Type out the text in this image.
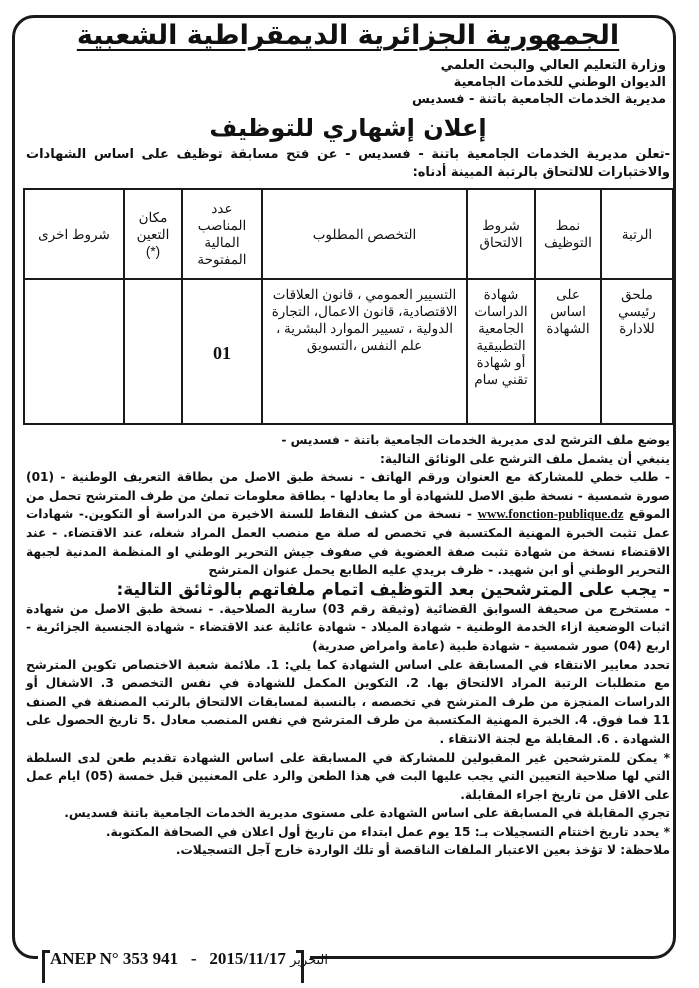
الجمهورية الجزائرية الديمقراطية الشعبية
وزارة التعليم العالي والبحث العلمي
الديوان الوطني للخدمات الجامعية
مديرية الخدمات الجامعية باتنة - فسديس
إعلان إشهاري للتوظيف

-تعلن مديرية الخدمات الجامعية باتنة - فسديس - عن فتح مسابقة توظيف على اساس الشهادات والاختبارات للالتحاق بالرتبة المبينة أدناه:

الرتبة	نمط التوظيف	شروط الالتحاق	التخصص المطلوب	عدد المناصب المالية المفتوحة	مكان التعين (*)	شروط اخرى
ملحق رئيسي للادارة	على اساس الشهادة	شهادة الدراسات الجامعية التطبيقية أو شهادة تقني سام	التسيير العمومي ، قانون العلاقات الاقتصادية، قانون الاعمال، التجارة الدولية ، تسيير الموارد البشرية ، علم النفس ،التسويق	01		

يوضع ملف الترشح لدى مديرية الخدمات الجامعية باتنة - فسديس -

ينبغي أن يشمل ملف الترشح على الوثائق التالية:

- طلب خطي للمشاركة مع العنوان ورقم الهاتف - نسخة طبق الاصل من بطاقة التعريف الوطنية - (01) صورة شمسية - نسخة طبق الاصل للشهادة أو ما يعادلها - بطاقة معلومات تملئ من طرف المترشح تحمل من الموقع www.fonction-publique.dz - نسخة من كشف النقاط للسنة الاخيرة من الدراسة أو التكوين.- شهادات عمل تثبت الخبرة المهنية المكتسبة في تخصص له صلة مع منصب العمل المراد شغله، عند الاقتضاء. - عند الاقتضاء نسخة من شهادة تثبت صفة العضوية في صفوف جيش التحرير الوطني او المنظمة المدنية لجبهة التحرير الوطني أو ابن شهيد. - ظرف بريدي عليه الطابع يحمل عنوان المترشح

- يجب على المترشحين بعد التوظيف اتمام ملفاتهم بالوثائق التالية:

- مستخرج من صحيفة السوابق القضائية (وثيقة رقم 03) سارية الصلاحية. - نسخة طبق الاصل من شهادة اثبات الوضعية ازاء الخدمة الوطنية - شهادة الميلاد - شهادة عائلية عند الاقتضاء - شهادة الجنسية الجزائرية - اربع (04) صور شمسية - شهادة طبية (عامة وامراض صدرية)

تحدد معايير الانتقاء في المسابقة على اساس الشهادة كما يلي: 1. ملائمة شعبة الاختصاص تكوين المترشح مع متطلبات الرتبة المراد الالتحاق بها. 2. التكوين المكمل للشهادة في نفس التخصص 3. الاشغال أو الدراسات المنجزة من طرف المترشح في تخصصه ، بالنسبة لمسابقات الالتحاق بالرتب المصنفة في الصنف 11 فما فوق. 4. الخبرة المهنية المكتسبة من طرف المترشح في نفس المنصب معادل .5 تاريخ الحصول على الشهادة . 6. المقابلة مع لجنة الانتقاء .

* يمكن للمترشحين غير المقبولين للمشاركة في المسابقة على اساس الشهادة تقديم طعن لدى السلطة التي لها صلاحية التعيين التي يجب عليها البت في هذا الطعن والرد على المعنيين قبل خمسة (05) ايام عمل على الاقل من تاريخ اجراء المقابلة.

تجري المقابلة في المسابقة على اساس الشهادة على مستوى مديرية الخدمات الجامعية باتنة فسديس.

* يحدد تاريخ اختتام التسجيلات بـ: 15 يوم عمل ابتداء من تاريخ أول اعلان في الصحافة المكتوبة.

ملاحظة: لا تؤخذ بعين الاعتبار الملفات الناقصة أو تلك الواردة خارج آجل التسجيلات.

ANEP N° 353 941 - 2015/11/17 التحرير
